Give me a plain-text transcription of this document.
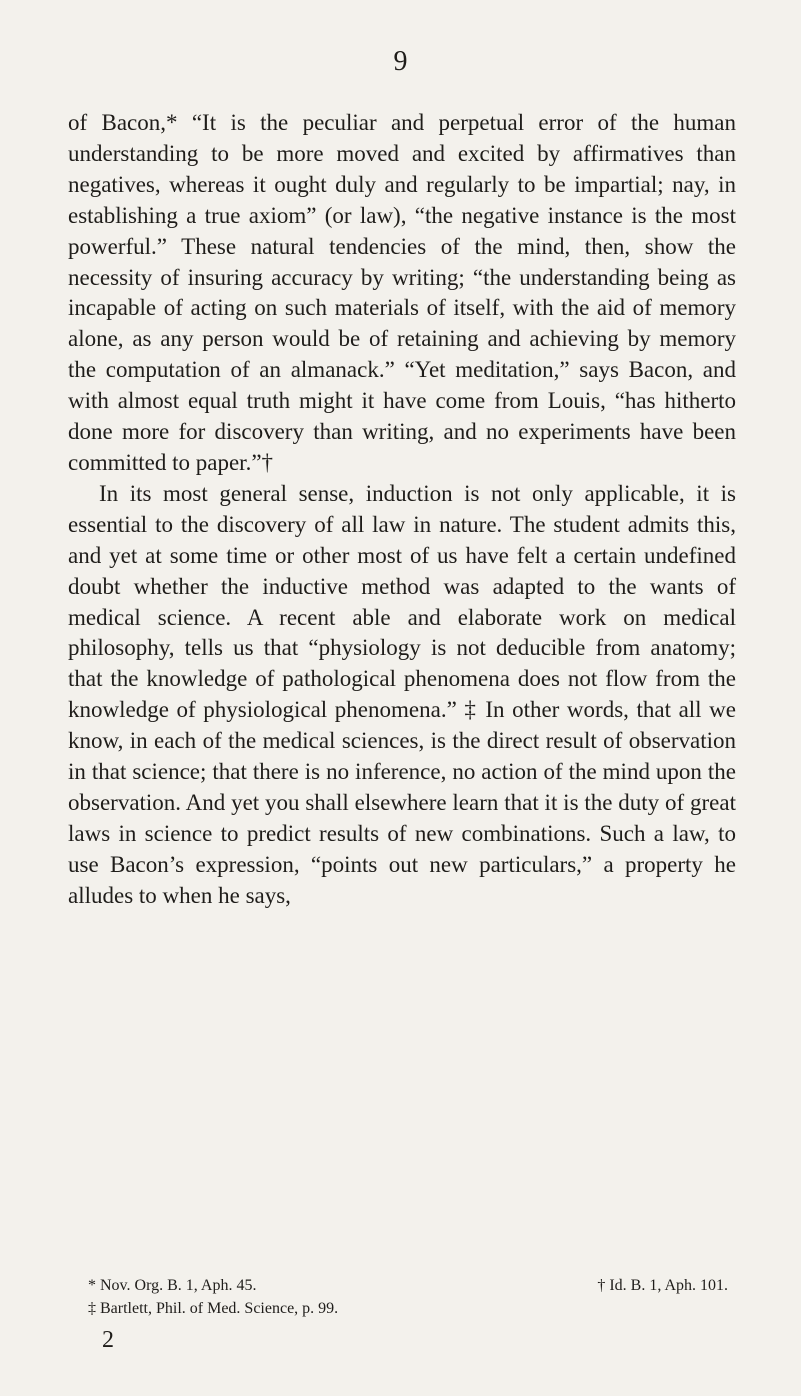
9

of Bacon,* “It is the peculiar and perpetual error of the human understanding to be more moved and excited by affirmatives than negatives, whereas it ought duly and regularly to be impartial; nay, in establishing a true axiom” (or law), “the negative instance is the most powerful.” These natural tendencies of the mind, then, show the necessity of insuring accuracy by writing; “the understanding being as incapable of acting on such materials of itself, with the aid of memory alone, as any person would be of retaining and achieving by memory the computation of an almanack.” “Yet meditation,” says Bacon, and with almost equal truth might it have come from Louis, “has hitherto done more for discovery than writing, and no experiments have been committed to paper.”†

In its most general sense, induction is not only applicable, it is essential to the discovery of all law in nature. The student admits this, and yet at some time or other most of us have felt a certain undefined doubt whether the inductive method was adapted to the wants of medical science. A recent able and elaborate work on medical philosophy, tells us that “physiology is not deducible from anatomy; that the knowledge of pathological phenomena does not flow from the knowledge of physiological phenomena.” ‡ In other words, that all we know, in each of the medical sciences, is the direct result of observation in that science; that there is no inference, no action of the mind upon the observation. And yet you shall elsewhere learn that it is the duty of great laws in science to predict results of new combinations. Such a law, to use Bacon’s expression, “points out new particulars,” a property he alludes to when he says,

* Nov. Org. B. 1, Aph. 45.	† Id. B. 1, Aph. 101.
‡ Bartlett, Phil. of Med. Science, p. 99.
2
